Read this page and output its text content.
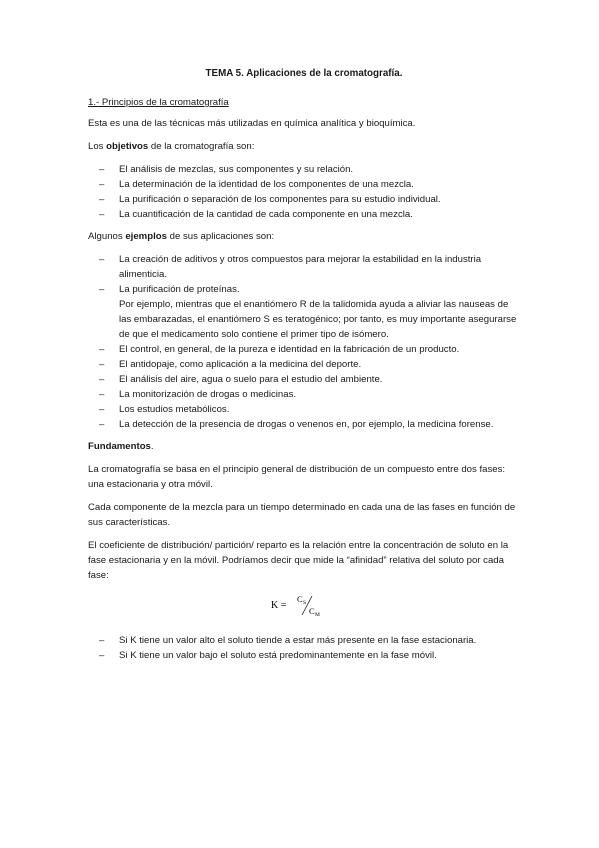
TEMA 5. Aplicaciones de la cromatografía.
1.- Principios de la cromatografía

Esta es una de las técnicas más utilizadas en química analítica y bioquímica.

Los objetivos de la cromatografía son:

– El análisis de mezclas, sus componentes y su relación.
– La determinación de la identidad de los componentes de una mezcla.
– La purificación o separación de los componentes para su estudio individual.
– La cuantificación de la cantidad de cada componente en una mezcla.

Algunos ejemplos de sus aplicaciones son:

– La creación de aditivos y otros compuestos para mejorar la estabilidad en la industria alimenticia.
– La purificación de proteínas.
Por ejemplo, mientras que el enantiómero R de la talidomida ayuda a aliviar las nauseas de las embarazadas, el enantiómero S es teratogénico; por tanto, es muy importante asegurarse de que el medicamento solo contiene el primer tipo de isómero.
– El control, en general, de la pureza e identidad en la fabricación de un producto.
– El antidopaje, como aplicación a la medicina del deporte.
– El análisis del aire, agua o suelo para el estudio del ambiente.
– La monitorización de drogas o medicinas.
– Los estudios metabólicos.
– La detección de la presencia de drogas o venenos en, por ejemplo, la medicina forense.

Fundamentos.

La cromatografía se basa en el principio general de distribución de un compuesto entre dos fases: una estacionaria y otra móvil.

Cada componente de la mezcla para un tiempo determinado en cada una de las fases en función de sus características.

El coeficiente de distribución/ partición/ reparto es la relación entre la concentración de soluto en la fase estacionaria y en la móvil. Podríamos decir que mide la “afinidad” relativa del soluto por cada fase:

K =
C S
C M
– Si K tiene un valor alto el soluto tiende a estar más presente en la fase estacionaria.
– Si K tiene un valor bajo el soluto está predominantemente en la fase móvil.
